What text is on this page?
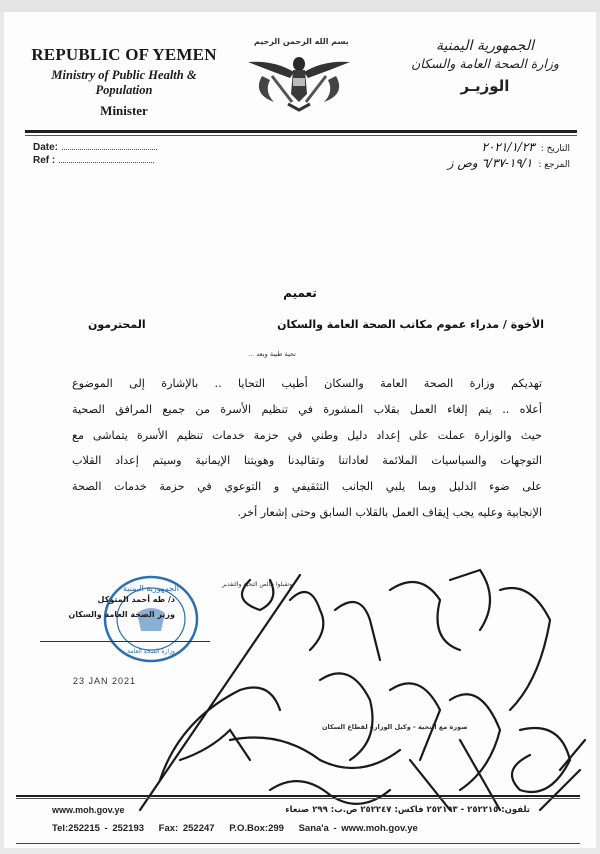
REPUBLIC OF YEMEN
Ministry of Public Health & Population
Minister
بسم الله الرحمن الرحيم	الجمهورية اليمنية
وزارة الصحة العامة والسكان
الوزيـر
Date:
Ref :
التاريخ :٢٠٢١/١/٢٣
المرجع :١٩/١-٦/٣٧ وص ز
تعميم
الأخوة / مدراء عموم مكاتب الصحة العامة والسكان
المحترمون
تحية طيبة وبعد ...

تهديكم وزارة الصحة العامة والسكان أطيب التحايا .. بالإشارة إلى الموضوع

أعلاه .. يتم إلغاء العمل بقلاب المشورة في تنظيم الأسرة من جميع المرافق الصحية

حيث والوزارة عملت على إعداد دليل وطني في حزمة خدمات تنظيم الأسرة يتماشى مع

التوجهات والسياسيات الملائمة لعاداتنا وتقاليدنا وهويتنا الإيمانية وسيتم إعداد القلاب

على ضوء الدليل وبما يلبي الجانب التثقيفي و التوعوي في حزمة خدمات الصحة

الإنجابية وعليه يجب إيقاف العمل بالقلاب السابق وحتى إشعار أخر.

الجمهورية اليمنية
وزارة الصحة العامة
د/ طه أحمد المتوكل
وزير الصحة العامة والسكان
23 JAN 2021
وتقبلوا خالص التحية والتقدير
صورة مع التحية - وكيل الوزارة لقطاع السكان
www.moh.gov.ye	تلفون: ٢٥٢٢١٥ - ٢٥٢١٩٣ فاكس: ٢٥٢٢٤٧ ص.ب: ٢٩٩ صنعاء
Tel:252215 - 252193 Fax: 252247 P.O.Box:299 Sana'a - www.moh.gov.ye
